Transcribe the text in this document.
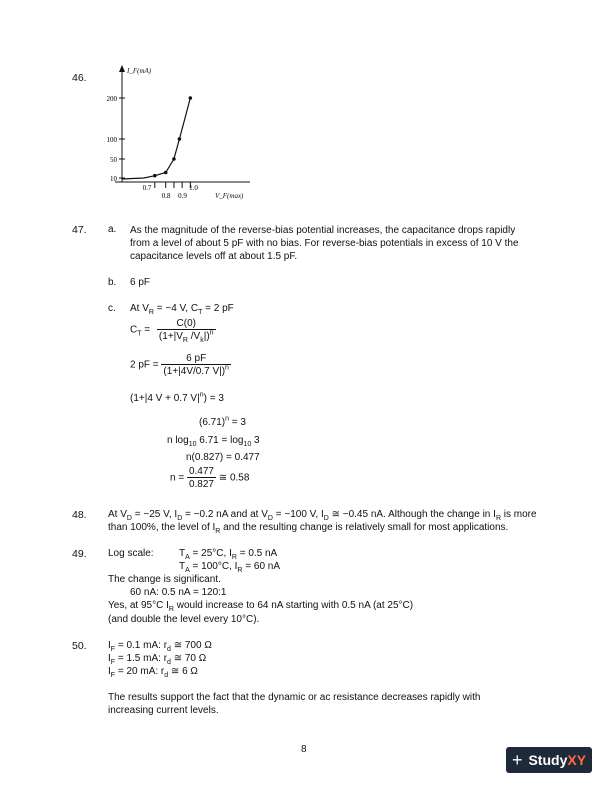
46.
I_F(mA)
V_F(max)
200
100
50
10
0.7	1.0
0.8 0.9
47. a. As the magnitude of the reverse-bias potential increases, the capacitance drops rapidly from a level of about 5 pF with no bias. For reverse-bias potentials in excess of 10 V the capacitance levels off at about 1.5 pF.
b. 6 pF
c. At $V_R = -4$ V, $C_T = 2$ pF
$C_T = \frac{C(0)}{(1+|V_R /V_k|)^n}$
2 pF = $\frac{6 pF}{(1+|4V/0.7 V|)^n}$
(1+|4 V + 0.7 $V|^n) = 3$
$(6.71)^n = 3$
n $\log_{10} 6.71 = \log_{10} 3$
n(0.827) = 0.477
$n = \frac{0.477}{0.827}$ ≅ 0.58
48. At $V_D = -25$ V, $I_D = -0.2$ nA and at $V_D = -100$ V, $I_D$ ≅ −0.45 nA. Although the change in $I_R$ is more
than 100%, the level of $I_R$ and the resulting change is relatively small for most applications.
49. Log scale:	$T_A = 25^\circ C$, $I_R = 0.5$ nA
$T_A = 100^\circ C$, $I_R = 60$ nA
The change is significant.
60 nA: 0.5 nA = 120:1
Yes, at 95°C $I_R$ would increase to 64 nA starting with 0.5 nA (at 25°C)
(and double the level every 10°C).
50. $I_F = 0.1$ mA: $r_d$ ≅ 700 Ω
$I_F = 1.5$ mA: $r_d$ ≅ 70 Ω
$I_F = 20$ mA: $r_d$ ≅ 6 Ω
The results support the fact that the dynamic or ac resistance decreases rapidly with
increasing current levels.
8	+ StudyXY
